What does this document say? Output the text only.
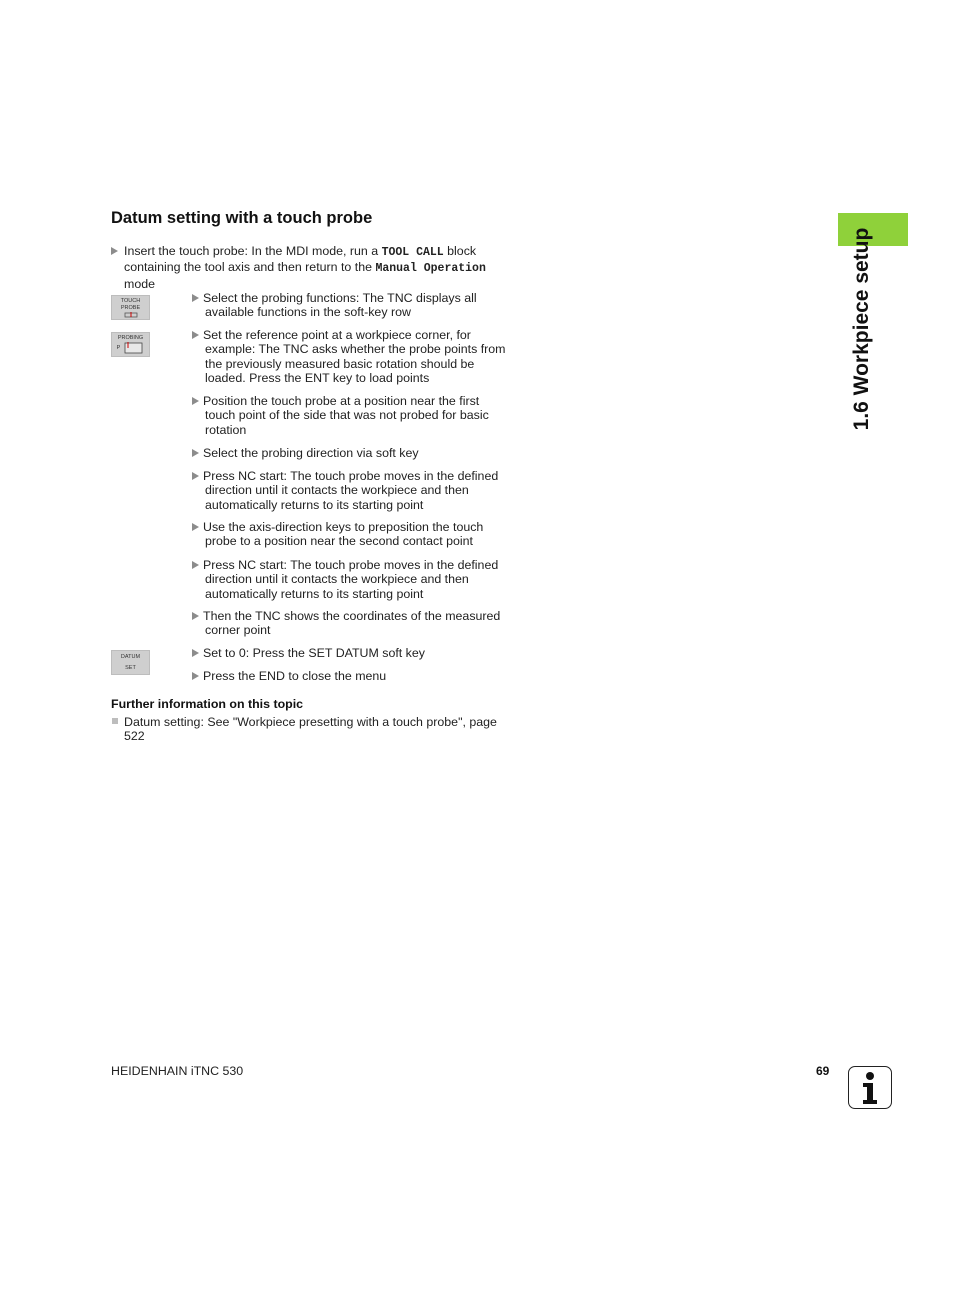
Datum setting with a touch probe
Insert the touch probe: In the MDI mode, run a TOOL CALL block containing the tool axis and then return to the Manual Operation mode
TOUCH
PROBE
PROBING
P
DATUM
SET
Select the probing functions: The TNC displays all
available functions in the soft-key row
Set the reference point at a workpiece corner, for
example: The TNC asks whether the probe points from the previously measured basic rotation should be loaded. Press the ENT key to load points
Position the touch probe at a position near the first
touch point of the side that was not probed for basic rotation
Select the probing direction via soft key
Press NC start: The touch probe moves in the defined
direction until it contacts the workpiece and then automatically returns to its starting point
Use the axis-direction keys to preposition the touch
probe to a position near the second contact point
Press NC start: The touch probe moves in the defined
direction until it contacts the workpiece and then automatically returns to its starting point
Then the TNC shows the coordinates of the measured
corner point
Set to 0: Press the SET DATUM soft key
Press the END to close the menu
Further information on this topic
Datum setting: See "Workpiece presetting with a touch probe", page 522
1.6 Workpiece setup
HEIDENHAIN iTNC 530	69
